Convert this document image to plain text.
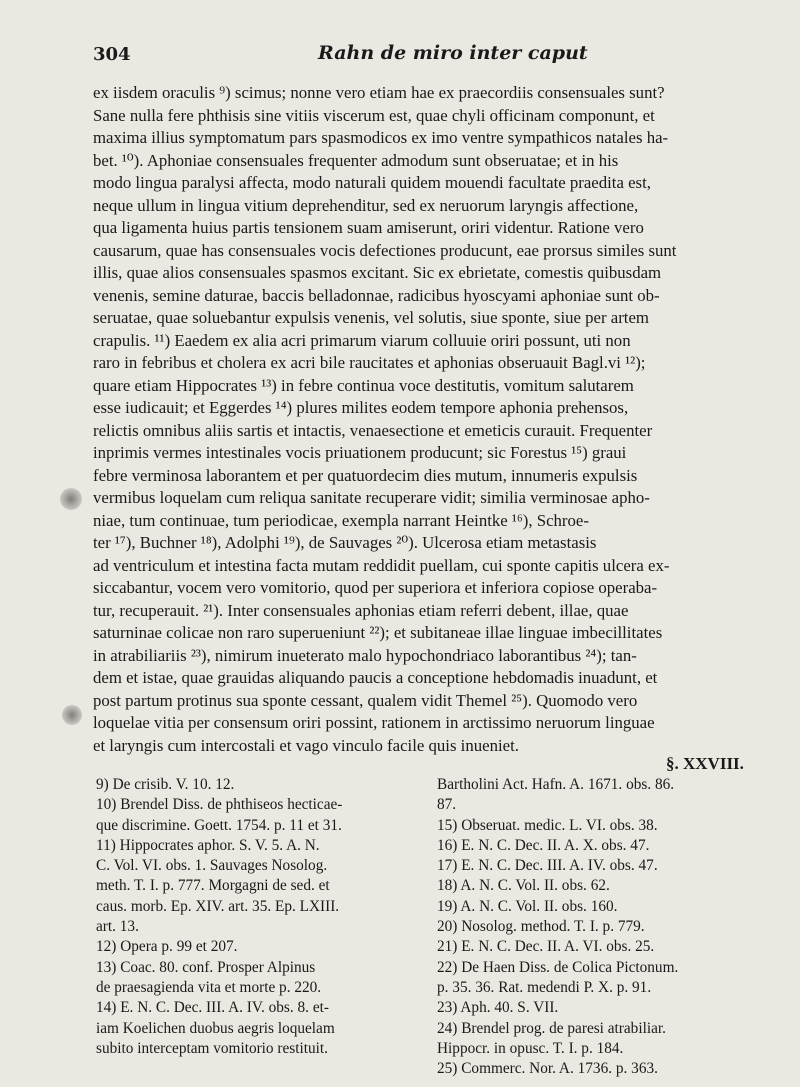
304	Rahn de miro inter caput
ex iisdem oraculis ⁹) scimus; nonne vero etiam hae ex praecordiis consensuales sunt?
Sane nulla fere phthisis sine vitiis viscerum est, quae chyli officinam componunt, et
maxima illius symptomatum pars spasmodicos ex imo ventre sympathicos natales ha-
bet. ¹⁰). Aphoniae consensuales frequenter admodum sunt obseruatae; et in his
modo lingua paralysi affecta, modo naturali quidem mouendi facultate praedita est,
neque ullum in lingua vitium deprehenditur, sed ex neruorum laryngis affectione,
qua ligamenta huius partis tensionem suam amiserunt, oriri videntur. Ratione vero
causarum, quae has consensuales vocis defectiones producunt, eae prorsus similes sunt
illis, quae alios consensuales spasmos excitant. Sic ex ebrietate, comestis quibusdam
venenis, semine daturae, baccis belladonnae, radicibus hyoscyami aphoniae sunt ob-
seruatae, quae soluebantur expulsis venenis, vel solutis, siue sponte, siue per artem
crapulis. ¹¹) Eaedem ex alia acri primarum viarum colluuie oriri possunt, uti non
raro in febribus et cholera ex acri bile raucitates et aphonias obseruauit Bagl.vi ¹²);
quare etiam Hippocrates ¹³) in febre continua voce destitutis, vomitum salutarem
esse iudicauit; et Eggerdes ¹⁴) plures milites eodem tempore aphonia prehensos,
relictis omnibus aliis sartis et intactis, venaesectione et emeticis curauit. Frequenter
inprimis vermes intestinales vocis priuationem producunt; sic Forestus ¹⁵) graui
febre verminosa laborantem et per quatuordecim dies mutum, innumeris expulsis
vermibus loquelam cum reliqua sanitate recuperare vidit; similia verminosae apho-
niae, tum continuae, tum periodicae, exempla narrant Heintke ¹⁶), Schroe-
ter ¹⁷), Buchner ¹⁸), Adolphi ¹⁹), de Sauvages ²⁰). Ulcerosa etiam metastasis
ad ventriculum et intestina facta mutam reddidit puellam, cui sponte capitis ulcera ex-
siccabantur, vocem vero vomitorio, quod per superiora et inferiora copiose operaba-
tur, recuperauit. ²¹). Inter consensuales aphonias etiam referri debent, illae, quae
saturninae colicae non raro superueniunt ²²); et subitaneae illae linguae imbecillitates
in atrabiliariis ²³), nimirum inueterato malo hypochondriaco laborantibus ²⁴); tan-
dem et istae, quae grauidas aliquando paucis a conceptione hebdomadis inuadunt, et
post partum protinus sua sponte cessant, qualem vidit Themel ²⁵). Quomodo vero
loquelae vitia per consensum oriri possint, rationem in arctissimo neruorum linguae
et laryngis cum intercostali et vago vinculo facile quis inueniet.
§. XXVIII.
9) De crisib. V. 10. 12.
10) Brendel Diss. de phthiseos hecticae-
que discrimine. Goett. 1754. p. 11 et 31.
11) Hippocrates aphor. S. V. 5. A. N.
C. Vol. VI. obs. 1. Sauvages Nosolog.
meth. T. I. p. 777. Morgagni de sed. et
caus. morb. Ep. XIV. art. 35. Ep. LXIII.
art. 13.
12) Opera p. 99 et 207.
13) Coac. 80. conf. Prosper Alpinus
de praesagienda vita et morte p. 220.
14) E. N. C. Dec. III. A. IV. obs. 8. et-
iam Koelichen duobus aegris loquelam
subito interceptam vomitorio restituit.
Bartholini Act. Hafn. A. 1671. obs. 86.
87.
15) Obseruat. medic. L. VI. obs. 38.
16) E. N. C. Dec. II. A. X. obs. 47.
17) E. N. C. Dec. III. A. IV. obs. 47.
18) A. N. C. Vol. II. obs. 62.
19) A. N. C. Vol. II. obs. 160.
20) Nosolog. method. T. I. p. 779.
21) E. N. C. Dec. II. A. VI. obs. 25.
22) De Haen Diss. de Colica Pictonum.
p. 35. 36. Rat. medendi P. X. p. 91.
23) Aph. 40. S. VII.
24) Brendel prog. de paresi atrabiliar.
Hippocr. in opusc. T. I. p. 184.
25) Commerc. Nor. A. 1736. p. 363.
